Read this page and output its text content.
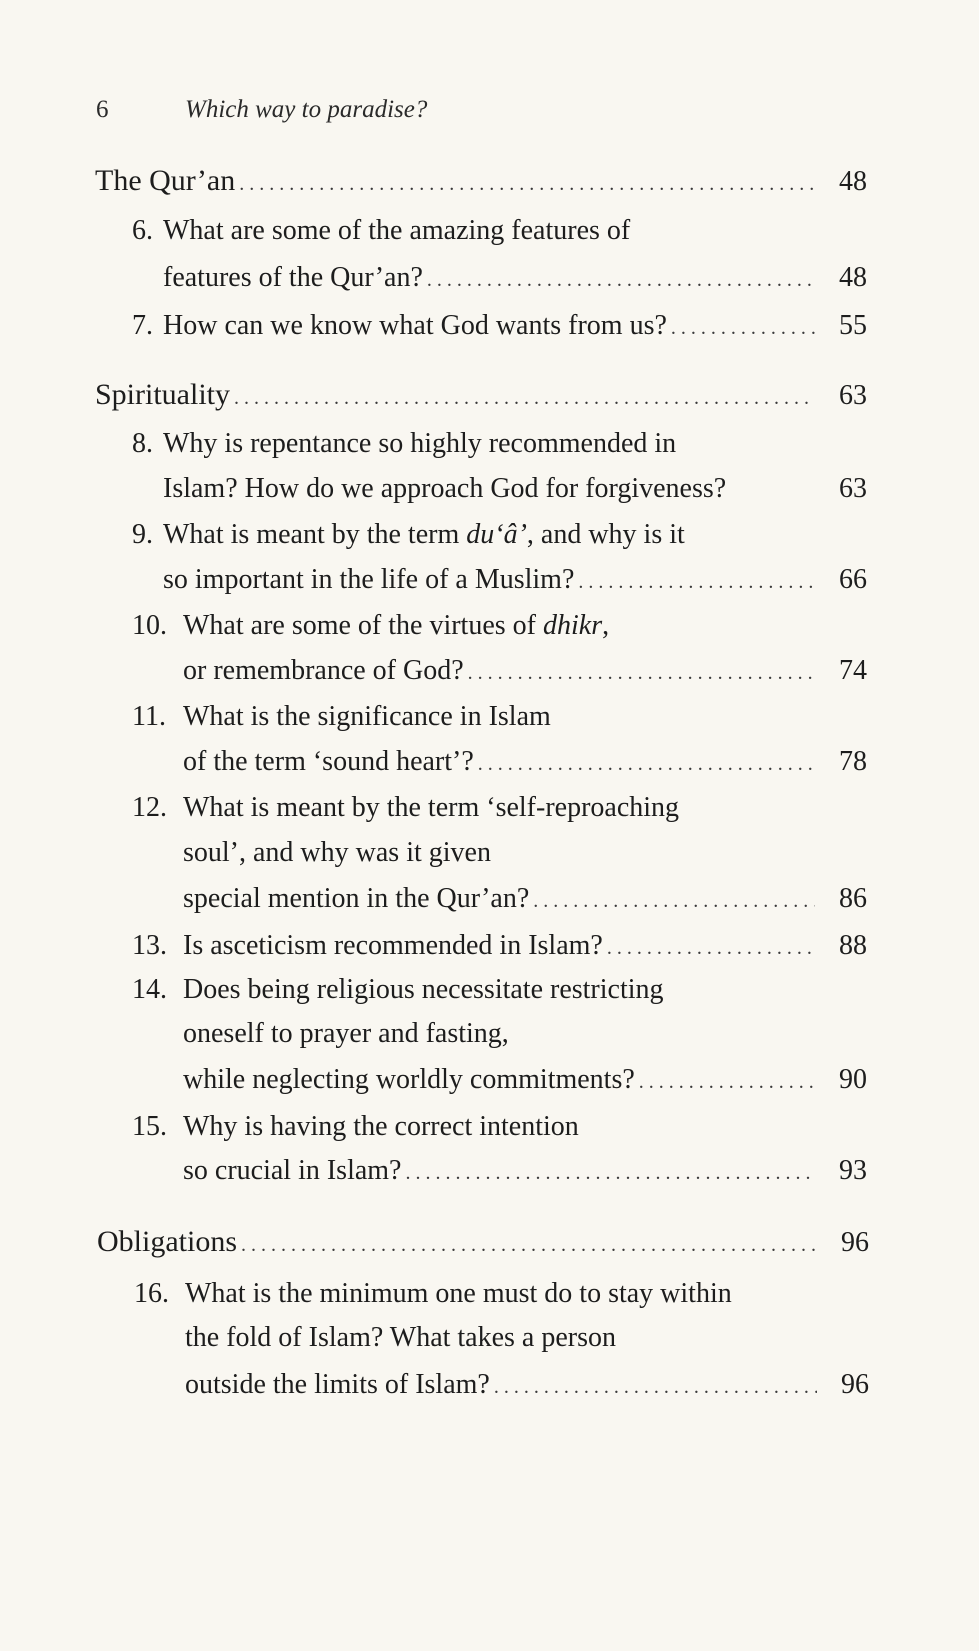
6	Which way to paradise?
The Qur’an . . .	48
6. What are some of the amazing features of
features of the Qur’an? . . .	48
7. How can we know what God wants from us? . . .	55
Spirituality . . .	63
8. Why is repentance so highly recommended in
Islam? How do we approach God for forgiveness?	63
9. What is meant by the term du‘â’, and why is it
so important in the life of a Muslim? . . .	66
10. What are some of the virtues of dhikr,
or remembrance of God? . . .	74
11. What is the significance in Islam
of the term ‘sound heart’? . . .	78
12. What is meant by the term ‘self-reproaching
soul’, and why was it given
special mention in the Qur’an? . . .	86
13. Is asceticism recommended in Islam? . . .	88
14. Does being religious necessitate restricting
oneself to prayer and fasting,
while neglecting worldly commitments? . . .	90
15. Why is having the correct intention
so crucial in Islam? . . .	93
Obligations . . .	96
16. What is the minimum one must do to stay within
the fold of Islam? What takes a person
outside the limits of Islam? . . .	96
